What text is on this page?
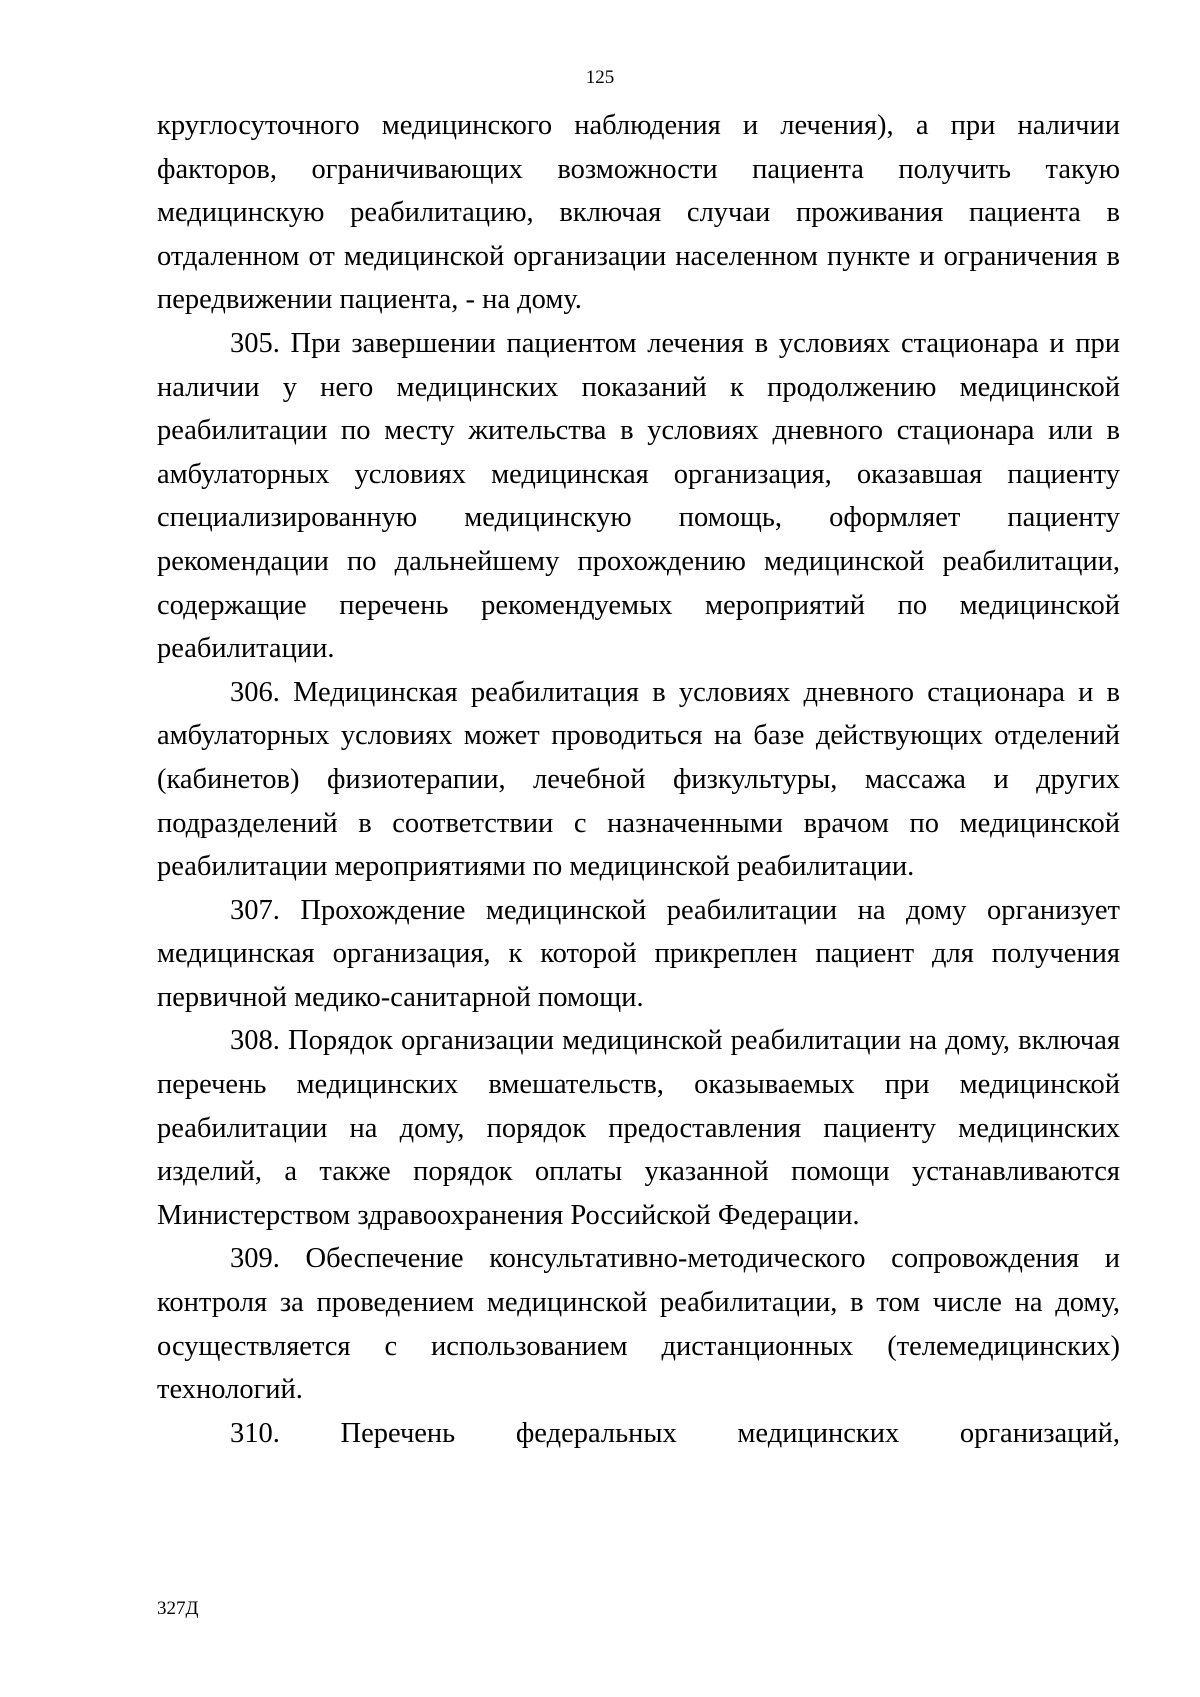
125

круглосуточного медицинского наблюдения и лечения), а при наличии факторов, ограничивающих возможности пациента получить такую медицинскую реабилитацию, включая случаи проживания пациента в отдаленном от медицинской организации населенном пункте и ограничения в передвижении пациента, - на дому.

305. При завершении пациентом лечения в условиях стационара и при наличии у него медицинских показаний к продолжению медицинской реабилитации по месту жительства в условиях дневного стационара или в амбулаторных условиях медицинская организация, оказавшая пациенту специализированную медицинскую помощь, оформляет пациенту рекомендации по дальнейшему прохождению медицинской реабилитации, содержащие перечень рекомендуемых мероприятий по медицинской реабилитации.

306. Медицинская реабилитация в условиях дневного стационара и в амбулаторных условиях может проводиться на базе действующих отделений (кабинетов) физиотерапии, лечебной физкультуры, массажа и других подразделений в соответствии с назначенными врачом по медицинской реабилитации мероприятиями по медицинской реабилитации.

307. Прохождение медицинской реабилитации на дому организует медицинская организация, к которой прикреплен пациент для получения первичной медико-санитарной помощи.

308. Порядок организации медицинской реабилитации на дому, включая перечень медицинских вмешательств, оказываемых при медицинской реабилитации на дому, порядок предоставления пациенту медицинских изделий, а также порядок оплаты указанной помощи устанавливаются Министерством здравоохранения Российской Федерации.

309. Обеспечение консультативно-методического сопровождения и контроля за проведением медицинской реабилитации, в том числе на дому, осуществляется с использованием дистанционных (телемедицинских) технологий.

310. Перечень федеральных медицинских организаций,

327Д
